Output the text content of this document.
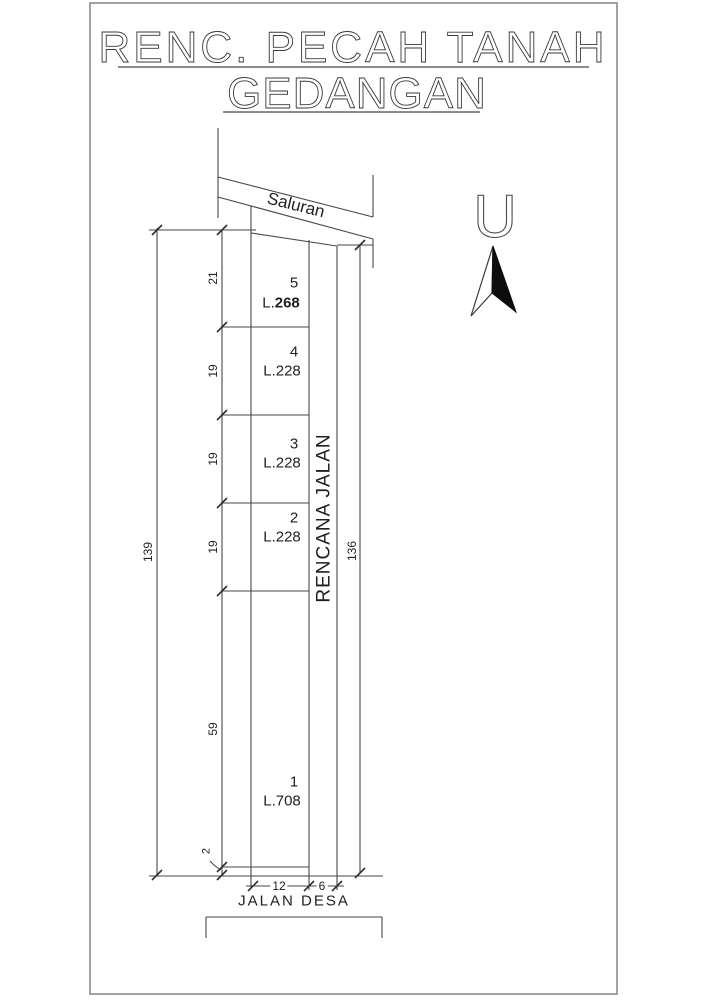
RENC. PECAH TANAH
GEDANGAN
U
Saluran
21
19
19
19
59
139	136
2
12	6
5
L.268
4
L.228
3
L.228
2
L.228
1
L.708
RENCANA JALAN
JALAN DESA
